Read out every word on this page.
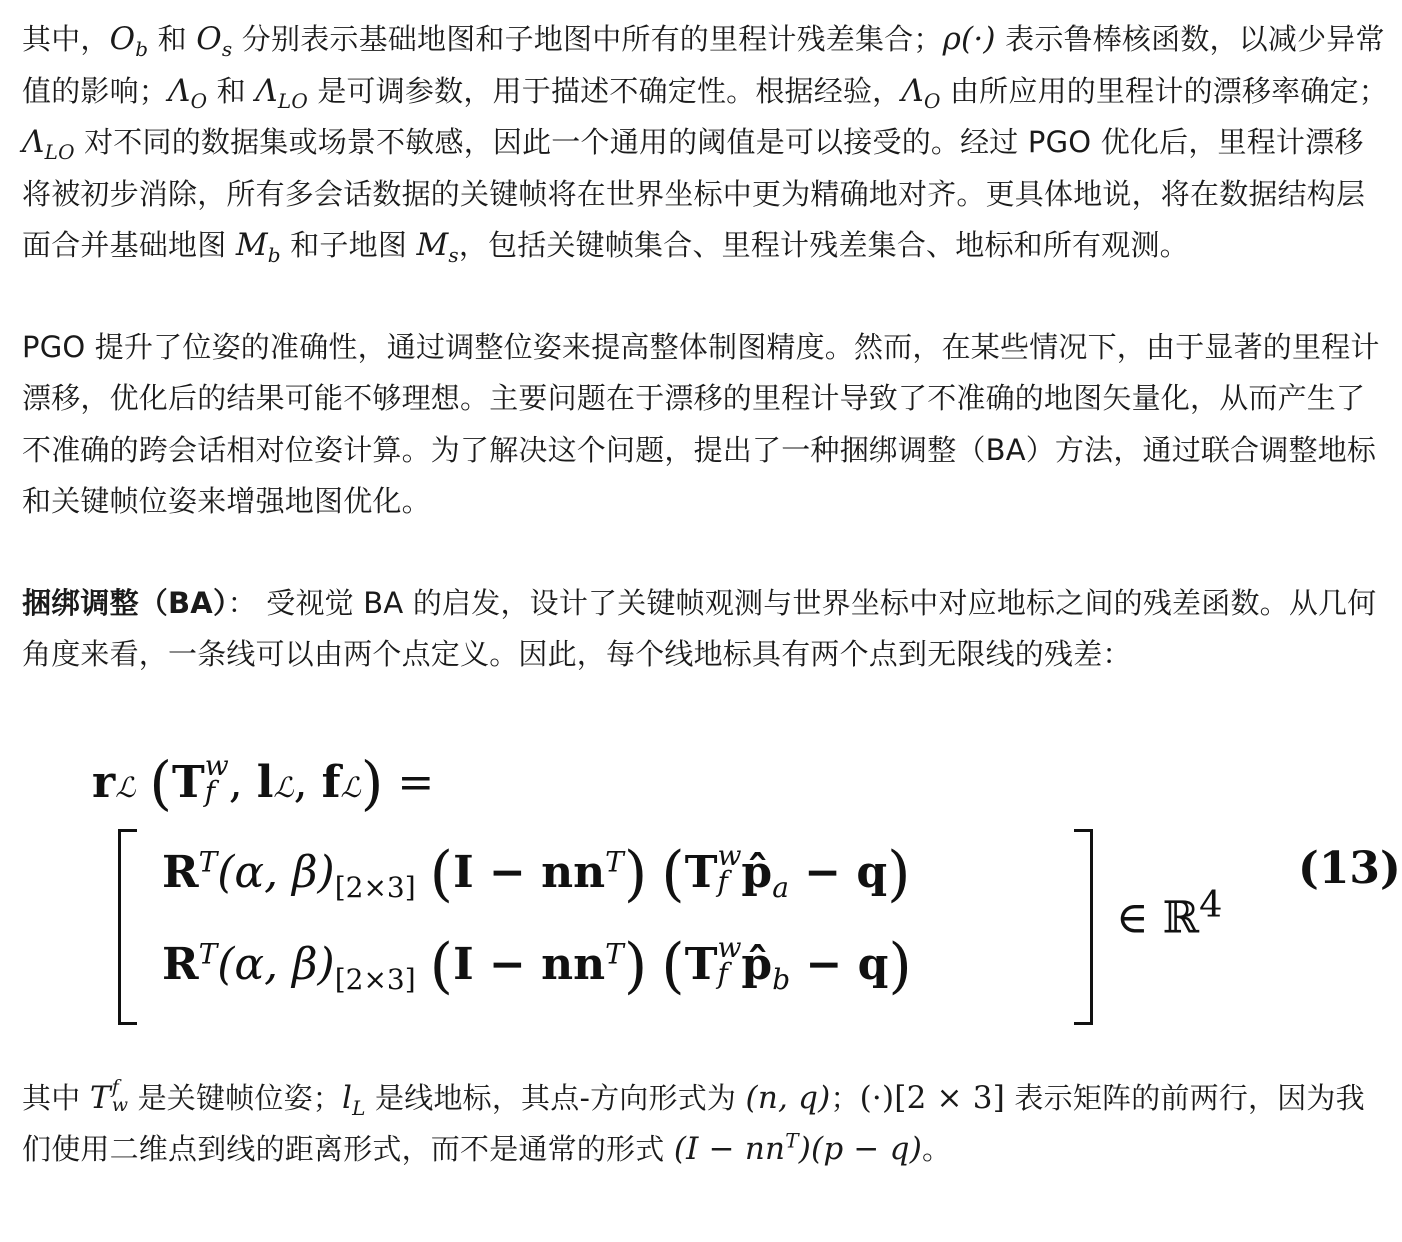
其中，$O_b$ 和 $O_s$ 分别表示基础地图和子地图中所有的里程计残差集合；ρ(·) 表示鲁棒核函数，以减少异常值的影响；$\Lambda_O$ 和 $\Lambda_{LO}$ 是可调参数，用于描述不确定性。根据经验，$\Lambda_O$ 由所应用的里程计的漂移率确定；$\Lambda_{LO}$ 对不同的数据集或场景不敏感，因此一个通用的阈值是可以接受的。经过 PGO 优化后，里程计漂移将被初步消除，所有多会话数据的关键帧将在世界坐标中更为精确地对齐。更具体地说，将在数据结构层面合并基础地图 $M_b$ 和子地图 $M_s$，包括关键帧集合、里程计残差集合、地标和所有观测。

PGO 提升了位姿的准确性，通过调整位姿来提高整体制图精度。然而，在某些情况下，由于显著的里程计漂移，优化后的结果可能不够理想。主要问题在于漂移的里程计导致了不准确的地图矢量化，从而产生了不准确的跨会话相对位姿计算。为了解决这个问题，提出了一种捆绑调整（BA）方法，通过联合调整地标和关键帧位姿来增强地图优化。

捆绑调整（BA）： 受视觉 BA 的启发，设计了关键帧观测与世界坐标中对应地标之间的残差函数。从几何角度来看，一条线可以由两个点定义。因此，每个线地标具有两个点到无限线的残差：

rℒ (T w
f , lℒ, fℒ) =
$R^T(\alpha$, $\beta)_{[2\times 3]}$ $(I - nn^T)$ (T w
f $p̂_a - q$)
$R^T(\alpha$, $\beta)_{[2\times 3]}$ $(I - nn^T)$ (T w
f $p̂_b - q$)
∈ ℝ$^4$
(13)

其中 T f
w 是关键帧位姿；$l_L$ 是线地标，其点-方向形式为 (n, q)；(·)[2 × 3] 表示矩阵的前两行，因为我们使用二维点到线的距离形式，而不是通常的形式 $(I - nn^T)(p - q)$。
